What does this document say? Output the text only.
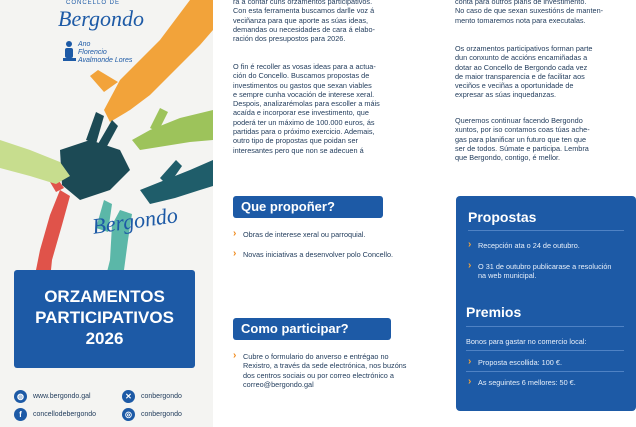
CONCELLO DE
Bergondo
Ano
Florencio
Avalmonde Lores
Bergondo
ORZAMENTOS
PARTICIPATIVOS
2026
◍	www.bergondo.gal	✕	conbergondo
f	concellodebergondo	◎	conbergondo
ra a contar cuns orzamentos participativos.
Con esta ferramenta buscamos darlle voz á
veciñanza para que aporte as súas ideas,
demandas ou necesidades de cara á elabo-
ración dos presupostos para 2026.
O fin é recoller as vosas ideas para a actua-
ción do Concello. Buscamos propostas de
investimentos ou gastos que sexan viables
e sempre cunha vocación de interese xeral.
Despois, analizarémolas para escoller a máis
acaída e incorporar ese investimento, que
poderá ter un máximo de 100.000 euros, ás
partidas para o próximo exercicio. Ademais,
outro tipo de propostas que poidan ser
interesantes pero que non se adecuen á
Que propoñer?
› Obras de interese xeral ou parroquial.
› Novas iniciativas a desenvolver polo Concello.
Como participar?
› Cubre o formulario do anverso e entrégao no Rexistro, a través da sede electrónica, nos buzóns dos centros sociais ou por correo electrónico a correo@bergondo.gal
conta para outros plans de investimento.
No caso de que sexan suxestións de manten-
mento tomaremos nota para executalas.
Os orzamentos participativos forman parte
dun conxunto de accións encamiñadas a
dotar ao Concello de Bergondo cada vez
de maior transparencia e de facilitar aos
veciños e veciñas a oportunidade de
expresar as súas inquedanzas.
Queremos continuar facendo Bergondo
xuntos, por iso contamos coas túas ache-
gas para planificar un futuro que ten que
ser de todos. Súmate e participa. Lembra
que Bergondo, contigo, é mellor.
Propostas
› Recepción ata o 24 de outubro.
› O 31 de outubro publicarase a resolución na web municipal.
Premios
Bonos para gastar no comercio local:
› Proposta escollida: 100 €.
› As seguintes 6 mellores: 50 €.
